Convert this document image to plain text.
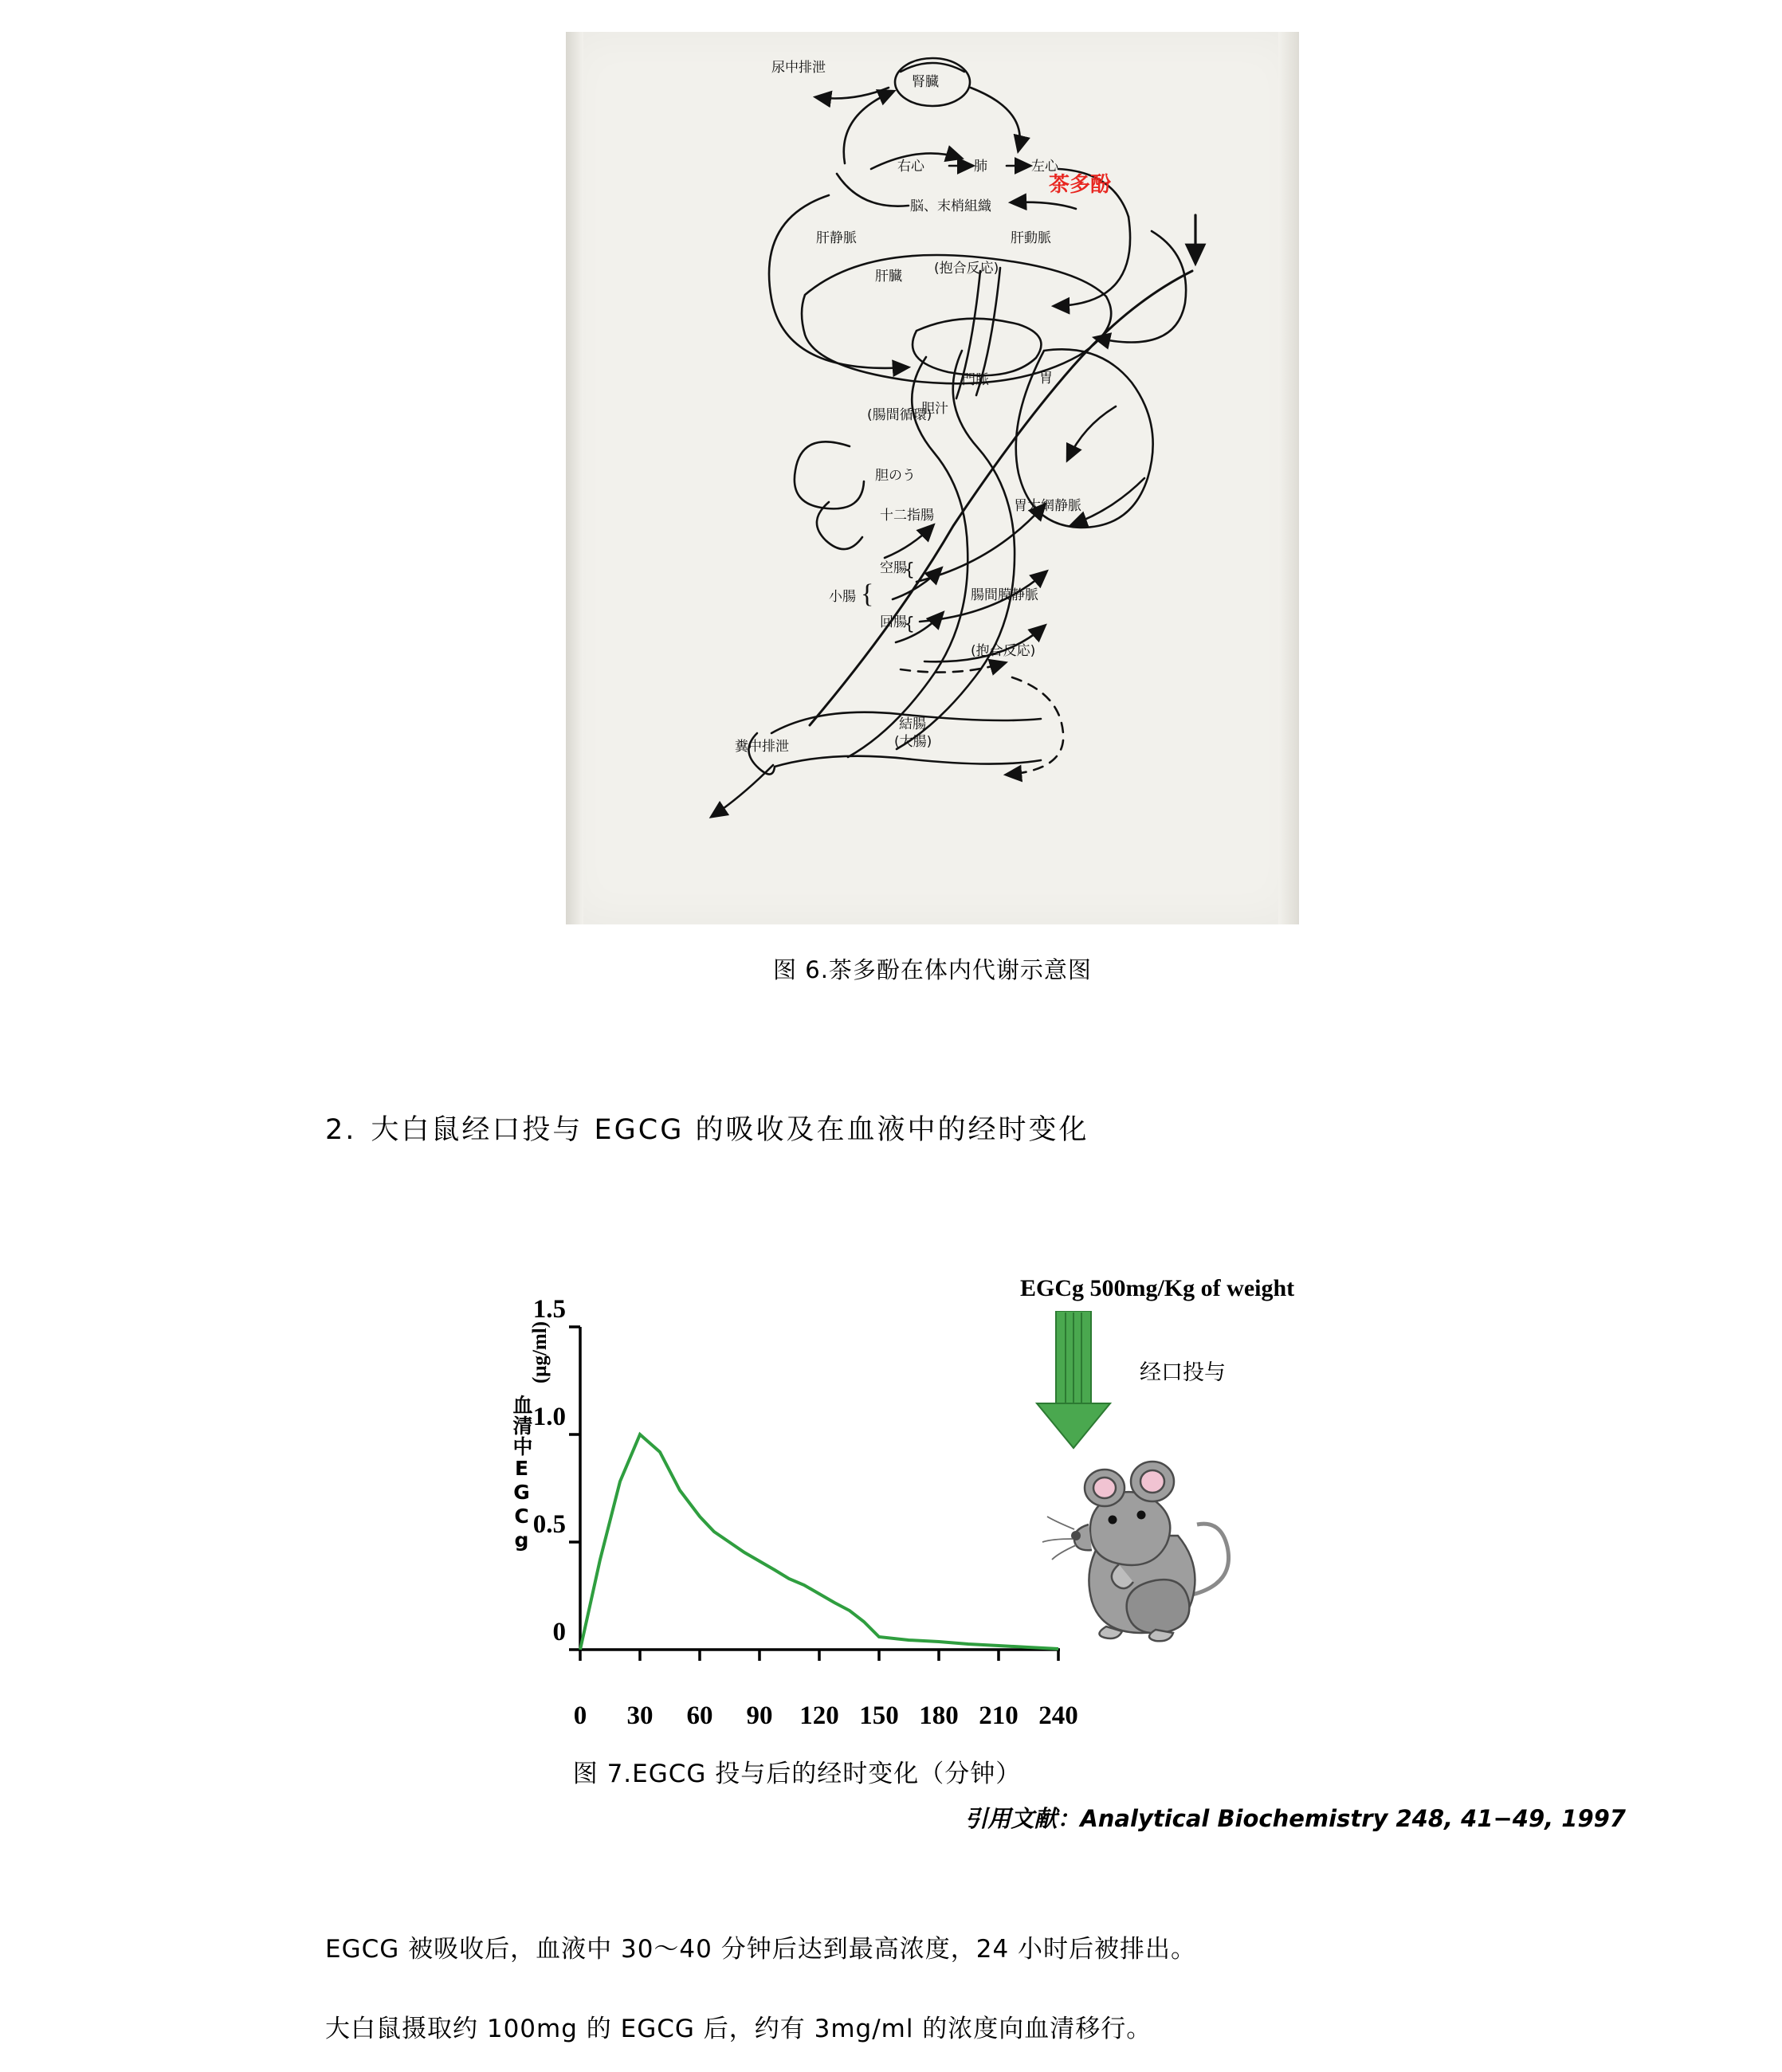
尿中排泄
腎臓
右心	肺	左心
脳、末梢組織
肝静脈	肝動脈
肝臓 (抱合反応)
門脈	胃
胆汁
(腸間循環)
胆のう
十二指腸
空腸
回腸
小腸
胃大網静脈
腸間膜静脈
(抱合反応)
結腸
(大腸)
糞中排泄
{
{
{
茶多酚
图 6.茶多酚在体内代谢示意图
2. 大白鼠经口投与 EGCG 的吸收及在血液中的经时变化
血清中EGCg
(μg/ml)
1.5
1.0
0.5
0
0	30	60	90	120 150 180 210 240
EGCg 500mg/Kg of weight
经口投与
图 7.EGCG 投与后的经时变化（分钟）
引用文献：Analytical Biochemistry 248, 41−49, 1997
EGCG 被吸收后，血液中 30～40 分钟后达到最高浓度，24 小时后被排出。
大白鼠摄取约 100mg 的 EGCG 后，约有 3mg/ml 的浓度向血清移行。
